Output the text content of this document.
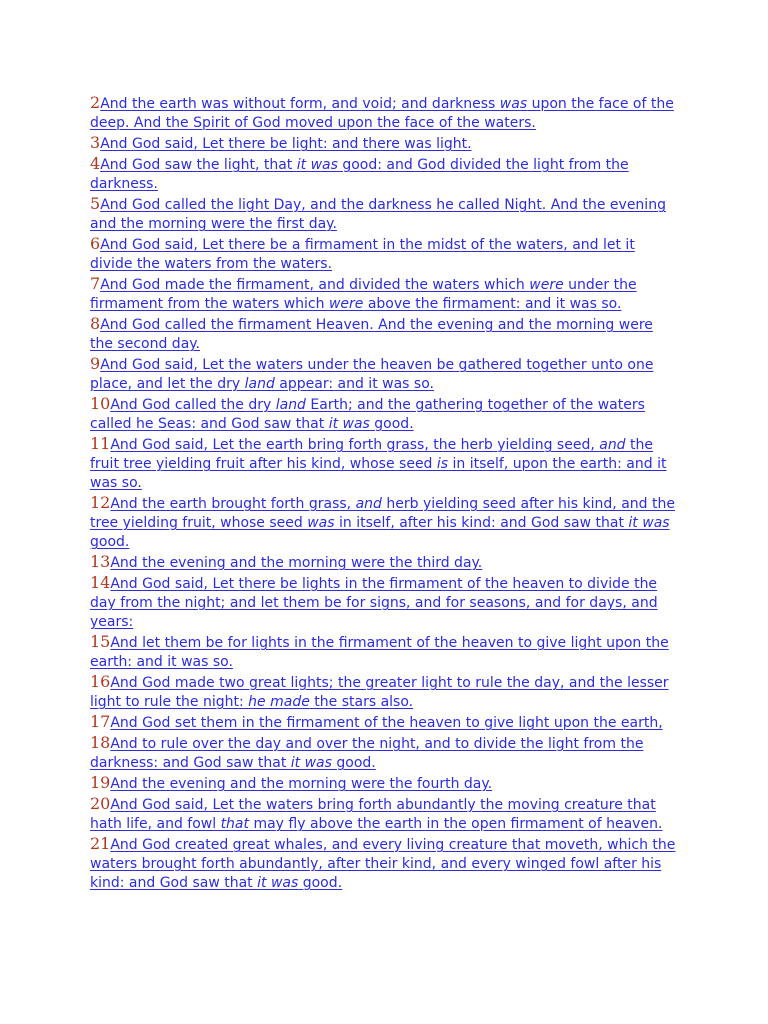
2And the earth was without form, and void; and darkness was upon the face of the deep. And the Spirit of God moved upon the face of the waters.

3And God said, Let there be light: and there was light.

4And God saw the light, that it was good: and God divided the light from the darkness.

5And God called the light Day, and the darkness he called Night. And the evening and the morning were the first day.

6And God said, Let there be a firmament in the midst of the waters, and let it divide the waters from the waters.

7And God made the firmament, and divided the waters which were under the firmament from the waters which were above the firmament: and it was so.

8And God called the firmament Heaven. And the evening and the morning were the second day.

9And God said, Let the waters under the heaven be gathered together unto one place, and let the dry land appear: and it was so.

10And God called the dry land Earth; and the gathering together of the waters called he Seas: and God saw that it was good.

11And God said, Let the earth bring forth grass, the herb yielding seed, and the fruit tree yielding fruit after his kind, whose seed is in itself, upon the earth: and it was so.

12And the earth brought forth grass, and herb yielding seed after his kind, and the tree yielding fruit, whose seed was in itself, after his kind: and God saw that it was good.

13And the evening and the morning were the third day.

14And God said, Let there be lights in the firmament of the heaven to divide the day from the night; and let them be for signs, and for seasons, and for days, and years:

15And let them be for lights in the firmament of the heaven to give light upon the earth: and it was so.

16And God made two great lights; the greater light to rule the day, and the lesser light to rule the night: he made the stars also.

17And God set them in the firmament of the heaven to give light upon the earth,

18And to rule over the day and over the night, and to divide the light from the darkness: and God saw that it was good.

19And the evening and the morning were the fourth day.

20And God said, Let the waters bring forth abundantly the moving creature that hath life, and fowl that may fly above the earth in the open firmament of heaven.

21And God created great whales, and every living creature that moveth, which the waters brought forth abundantly, after their kind, and every winged fowl after his kind: and God saw that it was good.
